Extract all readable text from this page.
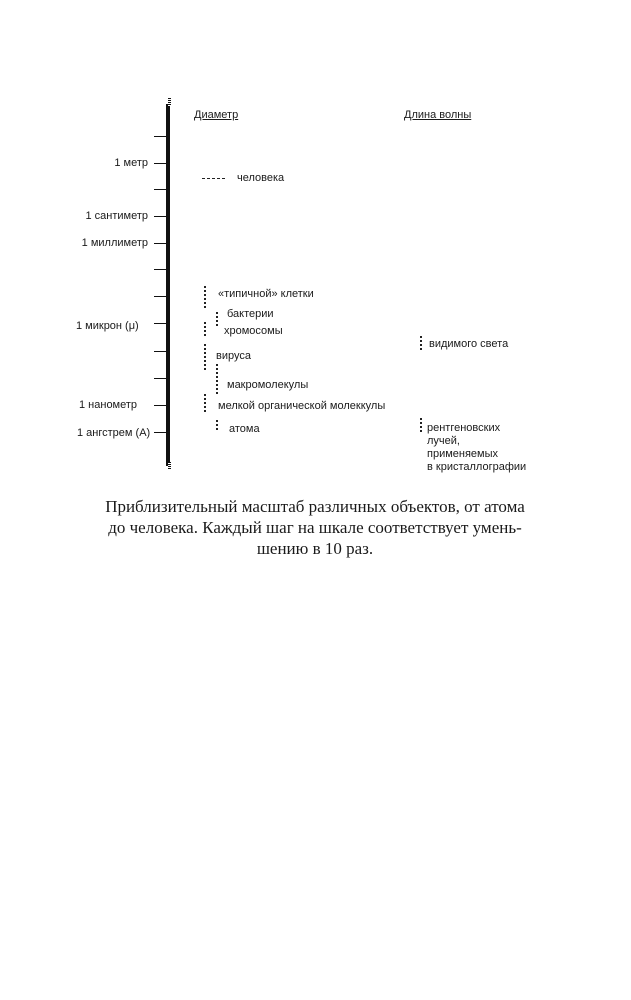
Диаметр	Длина волны
1 метр
1 сантиметр
1 миллиметр
1 микрон (μ)
1 нанометр
1 ангстрем (А)
человека
«типичной» клетки
бактерии
хромосомы
вируса
макромолекулы
мелкой органической молеккулы
атома
видимого света
рентгеновских
лучей,
применяемых
в кристаллографии
Приблизительный масштаб различных объектов, от атома
до человека. Каждый шаг на шкале соответствует умень-
шению в 10 раз.
